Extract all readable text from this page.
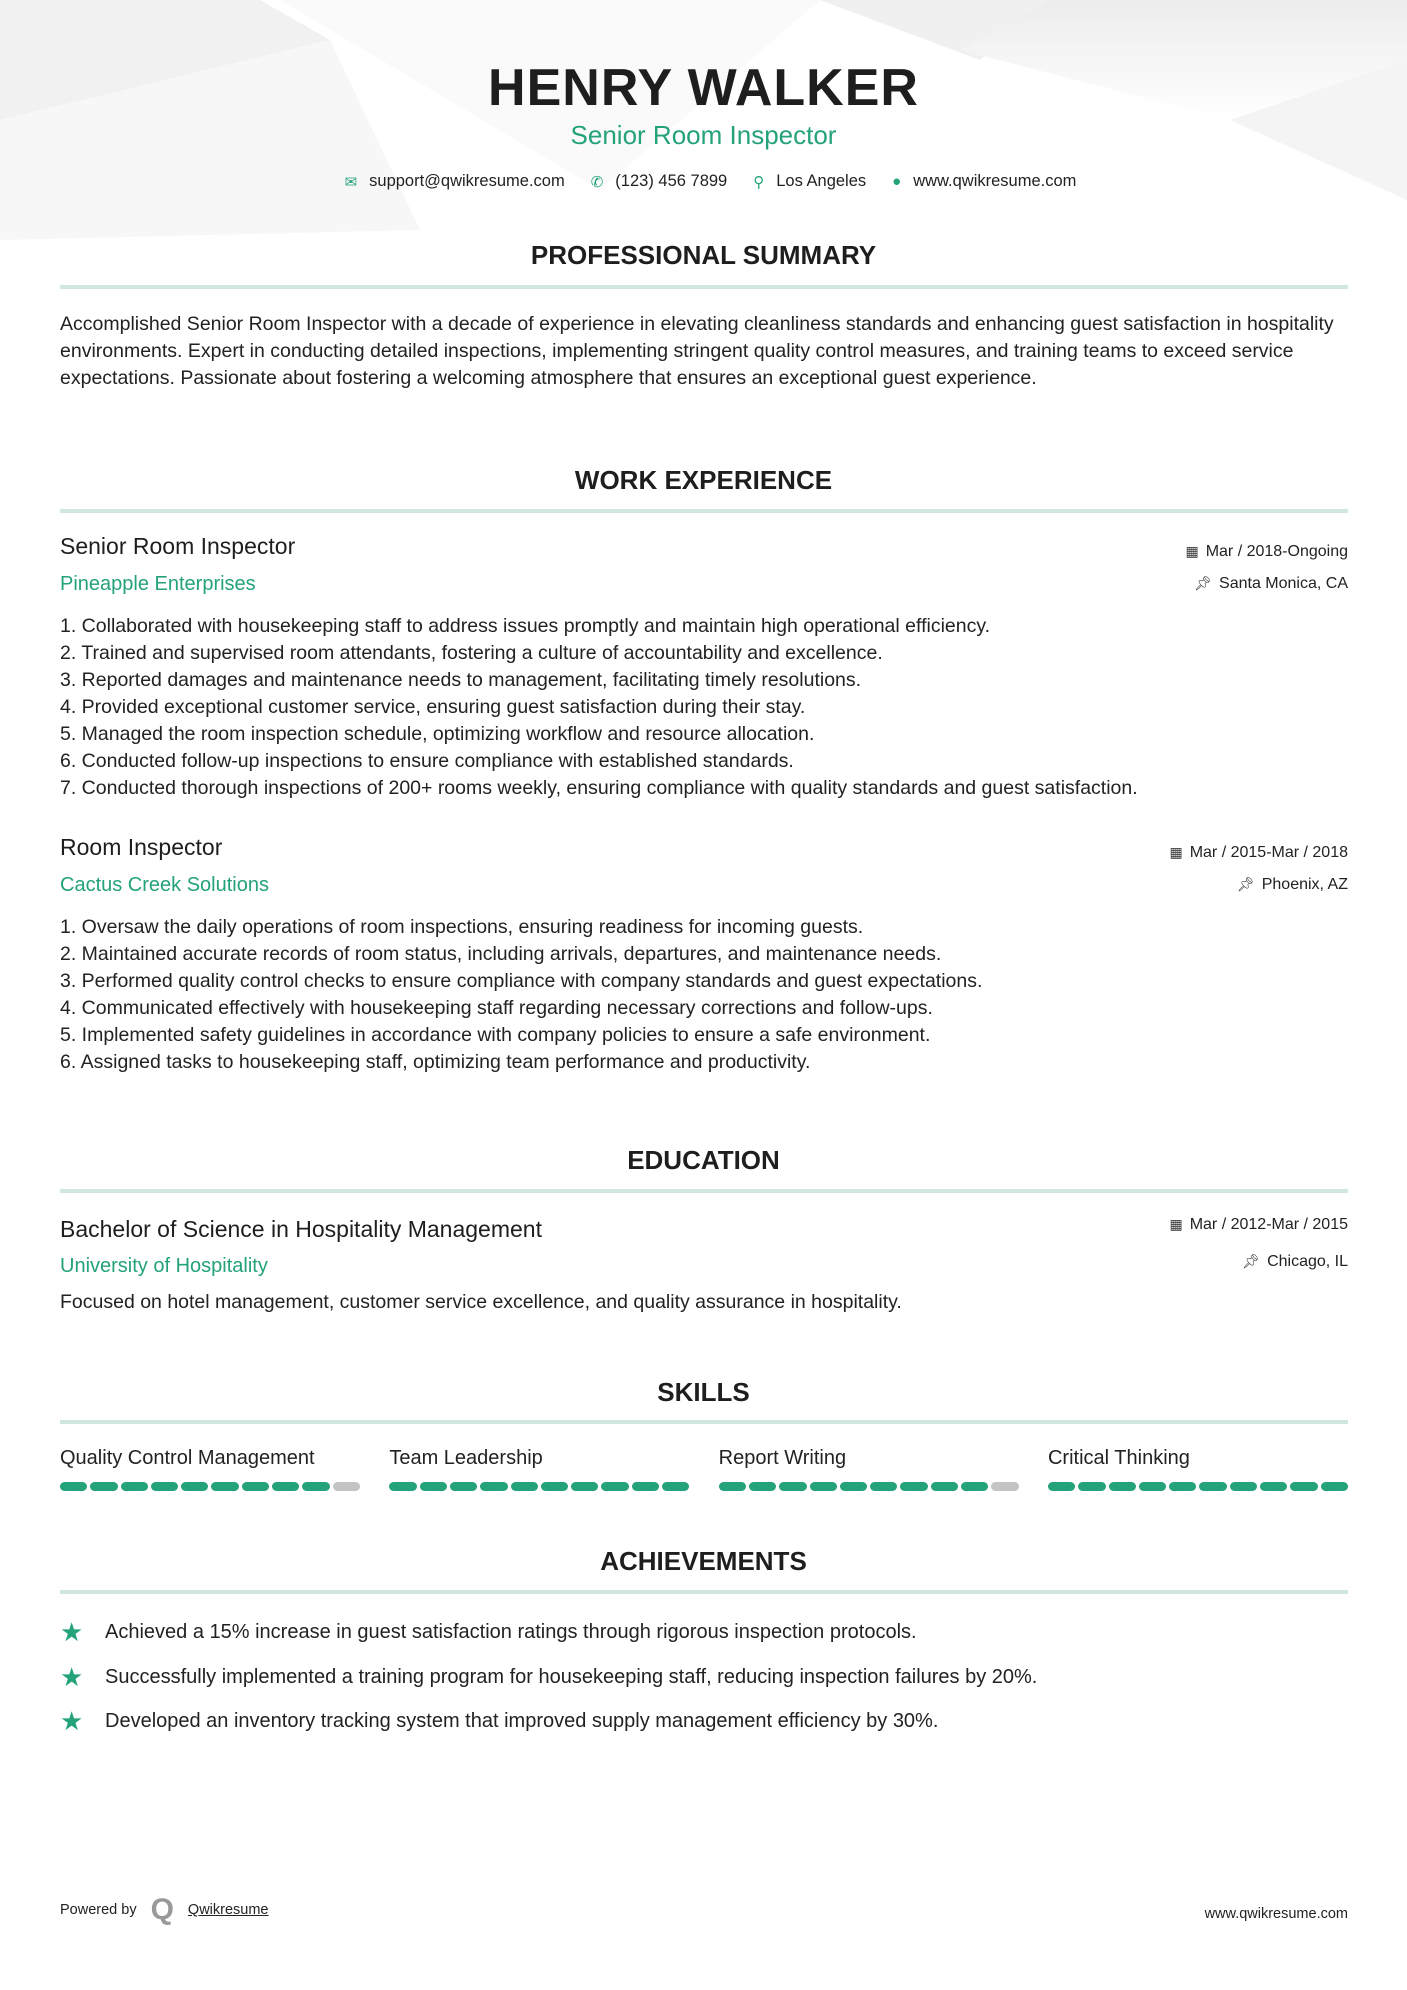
HENRY WALKER
Senior Room Inspector
✉ support@qwikresume.com ✆ (123) 456 7899 ⚲ Los Angeles ● www.qwikresume.com
PROFESSIONAL SUMMARY
Accomplished Senior Room Inspector with a decade of experience in elevating cleanliness standards and enhancing guest satisfaction in hospitality environments. Expert in conducting detailed inspections, implementing stringent quality control measures, and training teams to exceed service expectations. Passionate about fostering a welcoming atmosphere that ensures an exceptional guest experience.
WORK EXPERIENCE
Senior Room Inspector
Pineapple Enterprises
▦ Mar / 2018-Ongoing
📌︎ Santa Monica, CA
1. Collaborated with housekeeping staff to address issues promptly and maintain high operational efficiency.
2. Trained and supervised room attendants, fostering a culture of accountability and excellence.
3. Reported damages and maintenance needs to management, facilitating timely resolutions.
4. Provided exceptional customer service, ensuring guest satisfaction during their stay.
5. Managed the room inspection schedule, optimizing workflow and resource allocation.
6. Conducted follow-up inspections to ensure compliance with established standards.
7. Conducted thorough inspections of 200+ rooms weekly, ensuring compliance with quality standards and guest satisfaction.
Room Inspector
Cactus Creek Solutions
▦ Mar / 2015-Mar / 2018
📌︎ Phoenix, AZ
1. Oversaw the daily operations of room inspections, ensuring readiness for incoming guests.
2. Maintained accurate records of room status, including arrivals, departures, and maintenance needs.
3. Performed quality control checks to ensure compliance with company standards and guest expectations.
4. Communicated effectively with housekeeping staff regarding necessary corrections and follow-ups.
5. Implemented safety guidelines in accordance with company policies to ensure a safe environment.
6. Assigned tasks to housekeeping staff, optimizing team performance and productivity.
EDUCATION
Bachelor of Science in Hospitality Management
University of Hospitality
▦ Mar / 2012-Mar / 2015
📌︎ Chicago, IL
Focused on hotel management, customer service excellence, and quality assurance in hospitality.
SKILLS
Quality Control Management	Team Leadership	Report Writing	Critical Thinking
ACHIEVEMENTS
★	Achieved a 15% increase in guest satisfaction ratings through rigorous inspection protocols.
★	Successfully implemented a training program for housekeeping staff, reducing inspection failures by 20%.
★	Developed an inventory tracking system that improved supply management efficiency by 30%.
Powered by Q Qwikresume	www.qwikresume.com
